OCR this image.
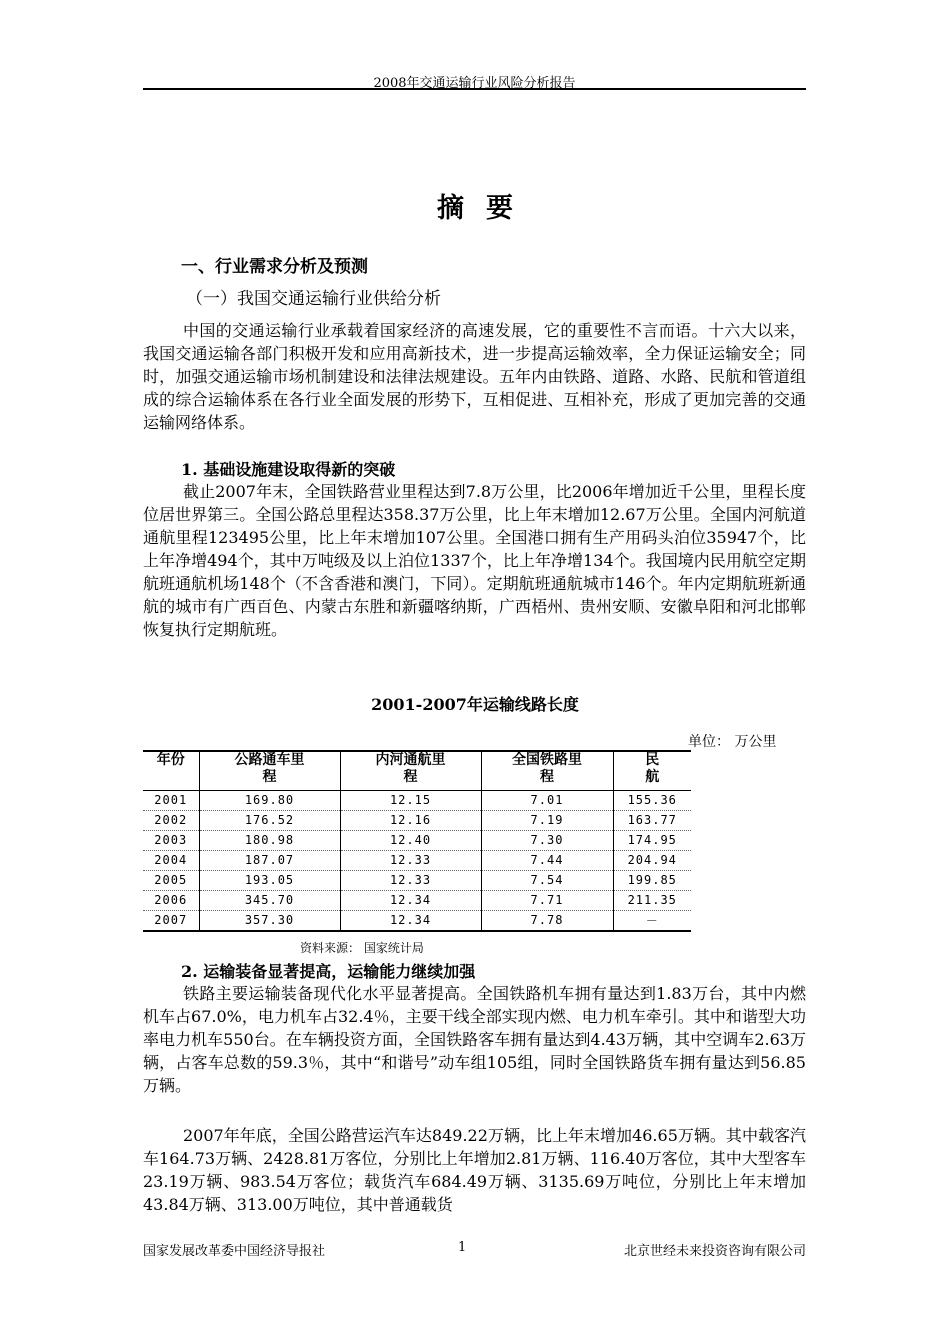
2008年交通运输行业风险分析报告
摘要
一、行业需求分析及预测
（一）我国交通运输行业供给分析

中国的交通运输行业承载着国家经济的高速发展，它的重要性不言而语。十六大以来，我国交通运输各部门积极开发和应用高新技术，进一步提高运输效率，全力保证运输安全；同时，加强交通运输市场机制建设和法律法规建设。五年内由铁路、道路、水路、民航和管道组成的综合运输体系在各行业全面发展的形势下，互相促进、互相补充，形成了更加完善的交通运输网络体系。

1. 基础设施建设取得新的突破

截止2007年末，全国铁路营业里程达到7.8万公里，比2006年增加近千公里，里程长度位居世界第三。全国公路总里程达358.37万公里，比上年末增加12.67万公里。全国内河航道通航里程123495公里，比上年末增加107公里。全国港口拥有生产用码头泊位35947个，比上年净增494个，其中万吨级及以上泊位1337个，比上年净增134个。我国境内民用航空定期航班通航机场148个（不含香港和澳门，下同）。定期航班通航城市146个。年内定期航班新通航的城市有广西百色、内蒙古东胜和新疆喀纳斯，广西梧州、贵州安顺、安徽阜阳和河北邯郸恢复执行定期航班。

2001-2007年运输线路长度
单位： 万公里
年份	公路通车里程	内河通航里程	全国铁路里程	民航

2001	169.80	12.15	7.01	155.36
2002	176.52	12.16	7.19	163.77
2003	180.98	12.40	7.30	174.95
2004	187.07	12.33	7.44	204.94
2005	193.05	12.33	7.54	199.85
2006	345.70	12.34	7.71	211.35
2007	357.30	12.34	7.78	－
资料来源： 国家统计局
2. 运输装备显著提高，运输能力继续加强

铁路主要运输装备现代化水平显著提高。全国铁路机车拥有量达到1.83万台，其中内燃机车占67.0%，电力机车占32.4％，主要干线全部实现内燃、电力机车牵引。其中和谐型大功率电力机车550台。在车辆投资方面，全国铁路客车拥有量达到4.43万辆，其中空调车2.63万辆，占客车总数的59.3％，其中“和谐号”动车组105组，同时全国铁路货车拥有量达到56.85万辆。

2007年年底，全国公路营运汽车达849.22万辆，比上年末增加46.65万辆。其中载客汽车164.73万辆、2428.81万客位，分别比上年增加2.81万辆、116.40万客位，其中大型客车23.19万辆、983.54万客位；载货汽车684.49万辆、3135.69万吨位，分别比上年末增加43.84万辆、313.00万吨位，其中普通载货

国家发展改革委中国经济导报社	1	北京世经未来投资咨询有限公司
